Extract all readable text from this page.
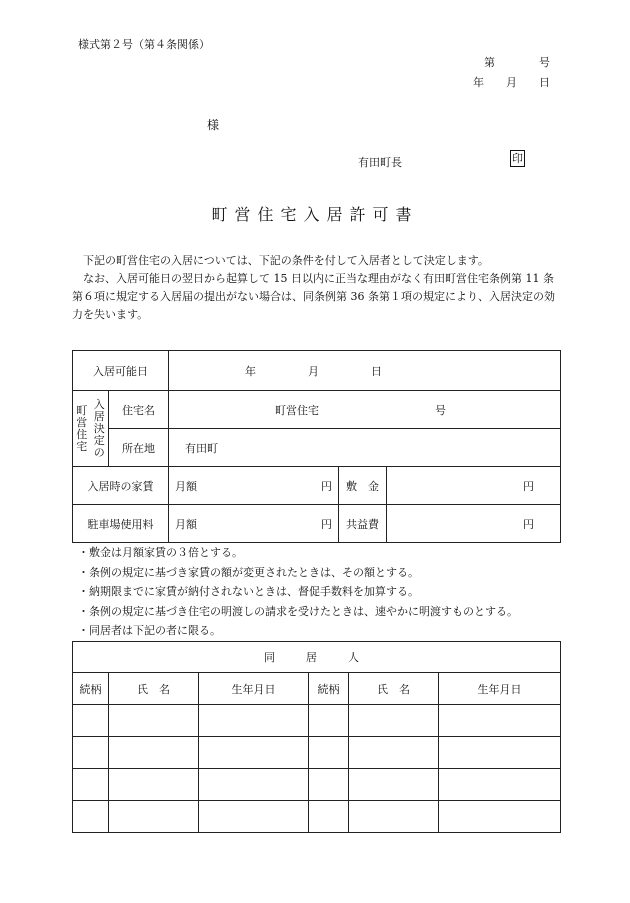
様式第２号（第４条関係）
第	号
年 月 日
様
有田町長	印
町営住宅入居許可書
下記の町営住宅の入居については、下記の条件を付して入居者として決定します。
なお、入居可能日の翌日から起算して 15 日以内に正当な理由がなく有田町営住宅条例第 11 条第６項に規定する入居届の提出がない場合は、同条例第 36 条第１項の規定により、入居決定の効力を失います。
入居可能日			年 月 日		

町営住宅	入居決定の	住宅名	町営住宅 号		

		所在地	有田町		

入居時の家賃			月額 円	敷　金	円

駐車場使用料			月額 円	共益費	円
・敷金は月額家賃の３倍とする。
・条例の規定に基づき家賃の額が変更されたときは、その額とする。
・納期限までに家賃が納付されないときは、督促手数料を加算する。
・条例の規定に基づき住宅の明渡しの請求を受けたときは、速やかに明渡すものとする。
・同居者は下記の者に限る。
同　居　人					
続柄	氏　名	生年月日	続柄	氏　名	生年月日
